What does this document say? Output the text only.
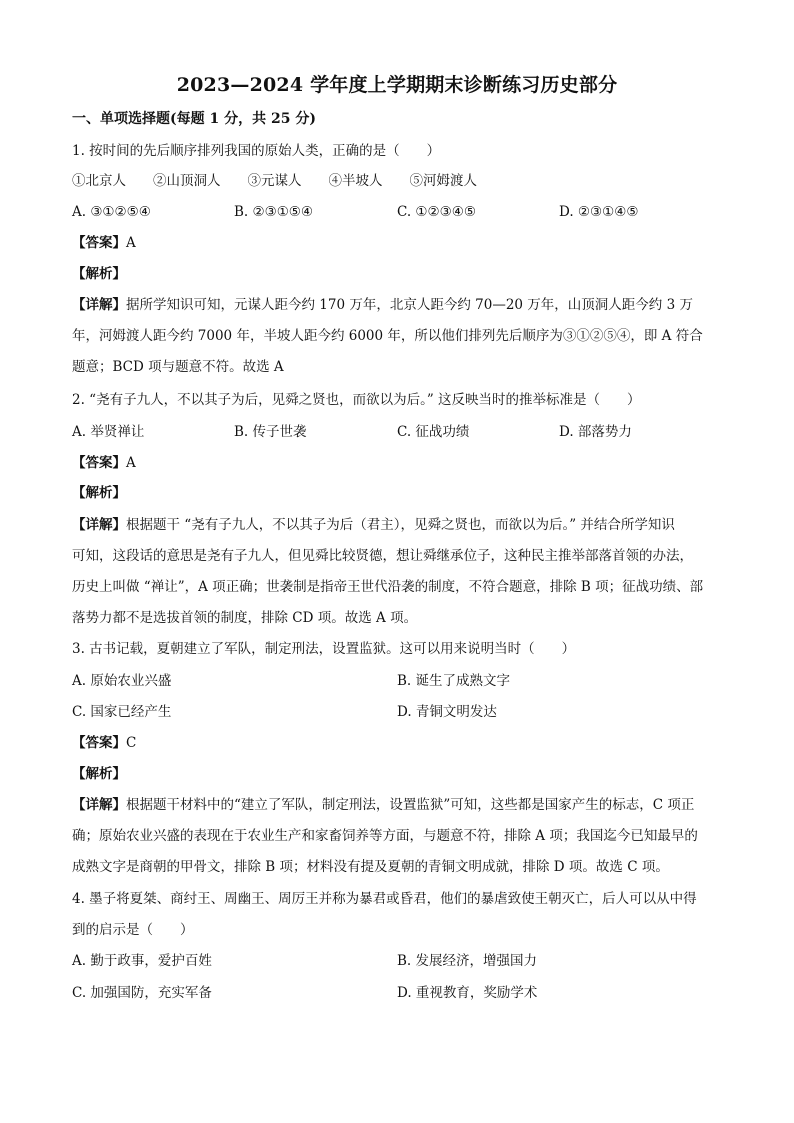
2023—2024 学年度上学期期末诊断练习历史部分
一、单项选择题(每题 1 分，共 25 分)
1. 按时间的先后顺序排列我国的原始人类，正确的是（　　）
①北京人　　②山顶洞人　　③元谋人　　④半坡人　　⑤河姆渡人
A. ③①②⑤④	B. ②③①⑤④	C. ①②③④⑤	D. ②③①④⑤
【答案】A
【解析】
【详解】据所学知识可知，元谋人距今约 170 万年，北京人距今约 70—20 万年，山顶洞人距今约 3 万
年，河姆渡人距今约 7000 年，半坡人距今约 6000 年，所以他们排列先后顺序为③①②⑤④，即 A 符合
题意；BCD 项与题意不符。故选 A
2. “尧有子九人，不以其子为后，见舜之贤也，而欲以为后。” 这反映当时的推举标准是（　　）
A. 举贤禅让	B. 传子世袭	C. 征战功绩	D. 部落势力
【答案】A
【解析】
【详解】根据题干 “尧有子九人，不以其子为后（君主），见舜之贤也，而欲以为后。” 并结合所学知识
可知，这段话的意思是尧有子九人，但见舜比较贤德，想让舜继承位子，这种民主推举部落首领的办法，
历史上叫做 “禅让”，A 项正确；世袭制是指帝王世代沿袭的制度，不符合题意，排除 B 项；征战功绩、部
落势力都不是选拔首领的制度，排除 CD 项。故选 A 项。
3. 古书记载，夏朝建立了军队，制定刑法，设置监狱。这可以用来说明当时（　　）
A. 原始农业兴盛	B. 诞生了成熟文字
C. 国家已经产生	D. 青铜文明发达
【答案】C
【解析】
【详解】根据题干材料中的“建立了军队，制定刑法，设置监狱”可知，这些都是国家产生的标志，C 项正
确；原始农业兴盛的表现在于农业生产和家畜饲养等方面，与题意不符，排除 A 项；我国迄今已知最早的
成熟文字是商朝的甲骨文，排除 B 项；材料没有提及夏朝的青铜文明成就，排除 D 项。故选 C 项。
4. 墨子将夏桀、商纣王、周幽王、周厉王并称为暴君或昏君，他们的暴虐致使王朝灭亡，后人可以从中得
到的启示是（　　）
A. 勤于政事，爱护百姓	B. 发展经济，增强国力
C. 加强国防，充实军备	D. 重视教育，奖励学术
